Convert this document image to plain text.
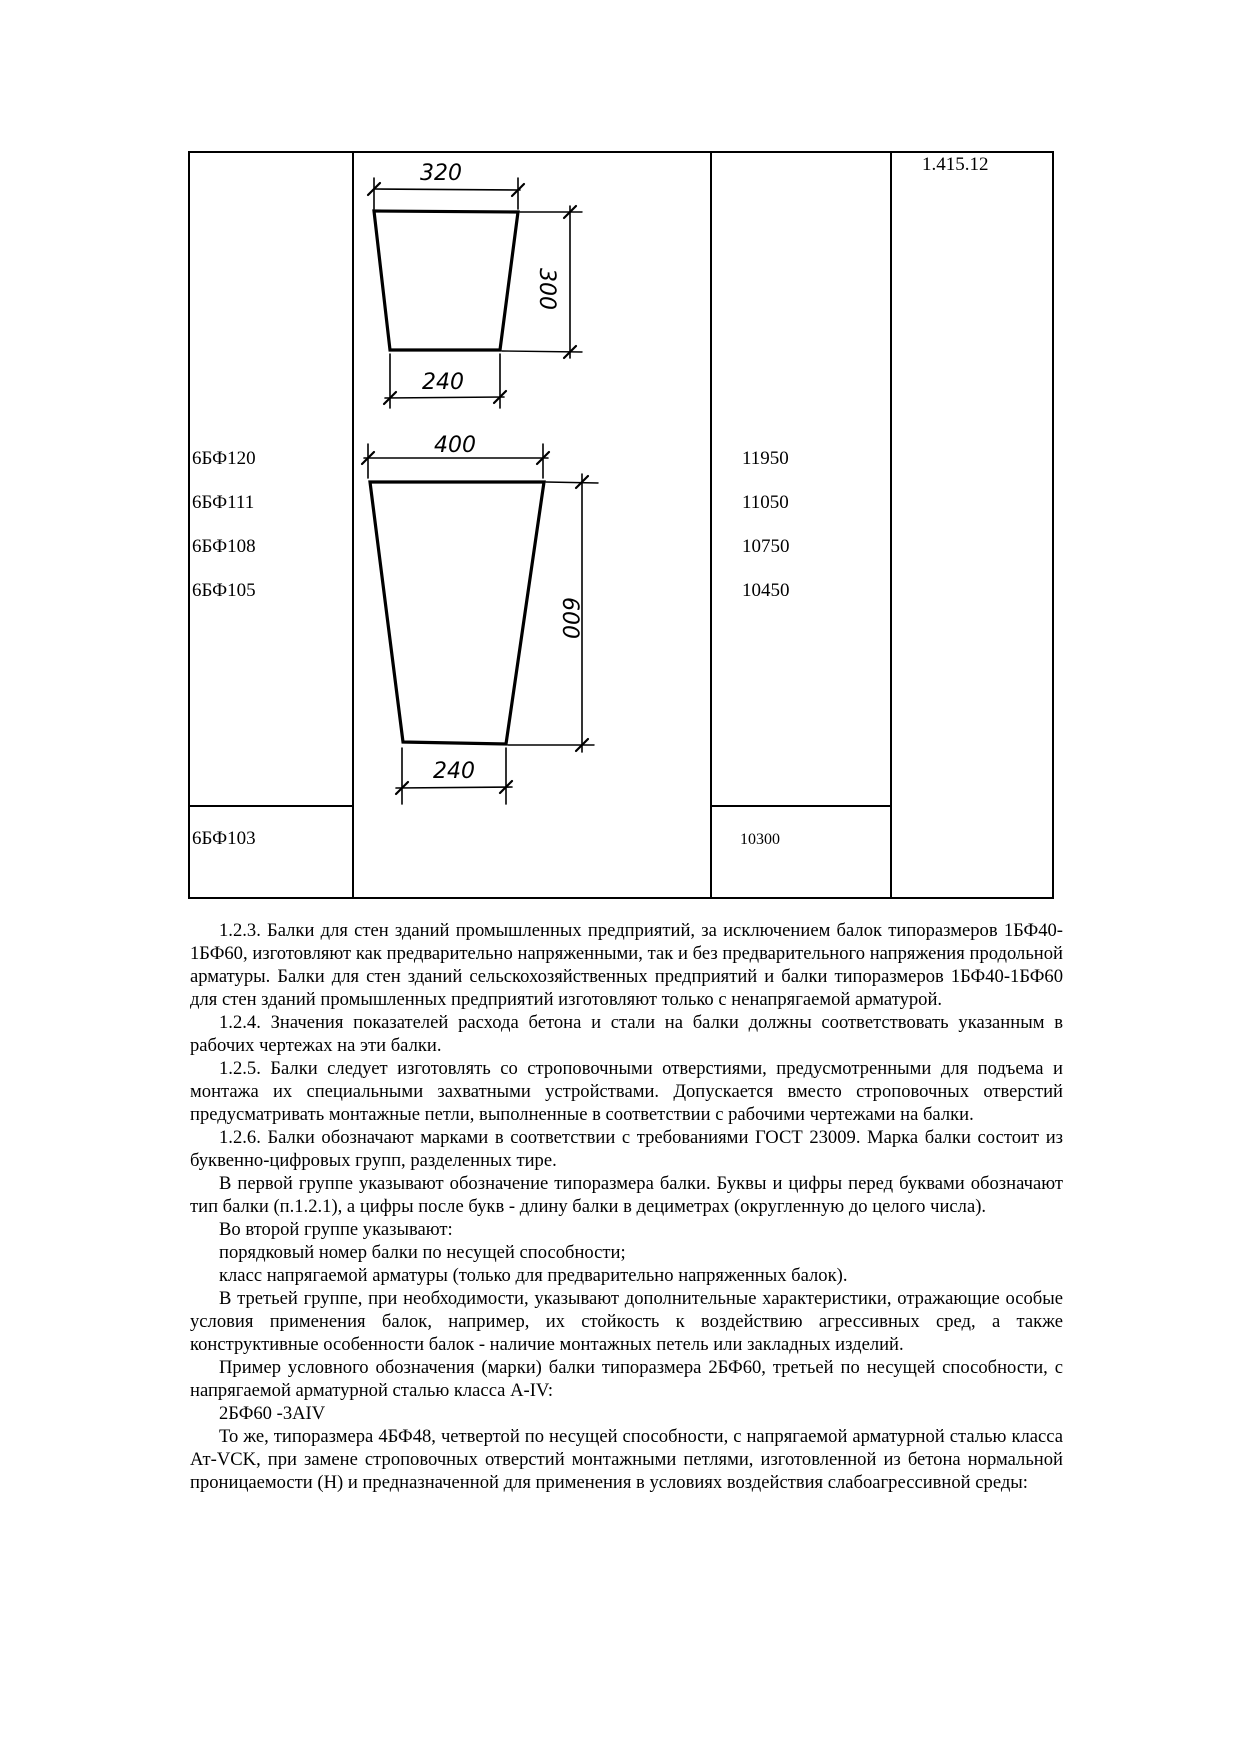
1.415.12
6БФ120
6БФ111
6БФ108
6БФ105
11950
11050
10750
10450
6БФ103	10300
320
300
240
400
600
240

1.2.3. Балки для стен зданий промышленных предприятий, за исключением балок типоразмеров 1БФ40-1БФ60, изготовляют как предварительно напряженными, так и без предварительного напряжения продольной арматуры. Балки для стен зданий сельскохозяйственных предприятий и балки типоразмеров 1БФ40-1БФ60 для стен зданий промышленных предприятий изготовляют только с ненапрягаемой арматурой.

1.2.4. Значения показателей расхода бетона и стали на балки должны соответствовать указанным в рабочих чертежах на эти балки.

1.2.5. Балки следует изготовлять со строповочными отверстиями, предусмотренными для подъема и монтажа их специальными захватными устройствами. Допускается вместо строповочных отверстий предусматривать монтажные петли, выполненные в соответствии с рабочими чертежами на балки.

1.2.6. Балки обозначают марками в соответствии с требованиями ГОСТ 23009. Марка балки состоит из буквенно-цифровых групп, разделенных тире.

В первой группе указывают обозначение типоразмера балки. Буквы и цифры перед буквами обозначают тип балки (п.1.2.1), а цифры после букв - длину балки в дециметрах (округленную до целого числа).

Во второй группе указывают:

порядковый номер балки по несущей способности;

класс напрягаемой арматуры (только для предварительно напряженных балок).

В третьей группе, при необходимости, указывают дополнительные характеристики, отражающие особые условия применения балок, например, их стойкость к воздействию агрессивных сред, а также конструктивные особенности балок - наличие монтажных петель или закладных изделий.

Пример условного обозначения (марки) балки типоразмера 2БФ60, третьей по несущей способности, с напрягаемой арматурной сталью класса А-IV:

2БФ60 -3AIV

То же, типоразмера 4БФ48, четвертой по несущей способности, с напрягаемой арматурной сталью класса Ат-VCK, при замене строповочных отверстий монтажными петлями, изготовленной из бетона нормальной проницаемости (Н) и предназначенной для применения в условиях воздействия слабоагрессивной среды:
